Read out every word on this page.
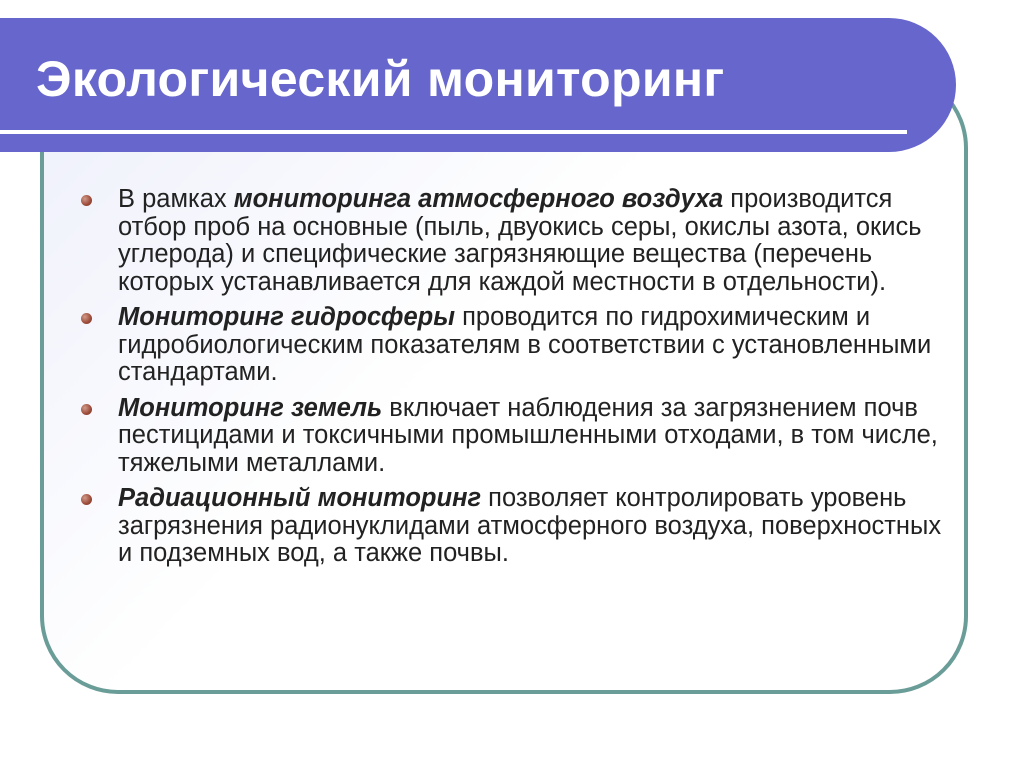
Экологический мониторинг
В рамках мониторинга атмосферного воздуха производится отбор проб на основные (пыль, двуокись серы, окислы азота, окись углерода) и специфические загрязняющие вещества (перечень которых устанавливается для каждой местности в отдельности).
Мониторинг гидросферы проводится по гидрохимическим и гидробиологическим показателям в соответствии с установленными стандартами.
Мониторинг земель включает наблюдения за загрязнением почв пестицидами и токсичными промышленными отходами, в том числе, тяжелыми металлами.
Радиационный мониторинг позволяет контролировать уровень загрязнения радионуклидами атмосферного воздуха, поверхностных и подземных вод, а также почвы.
